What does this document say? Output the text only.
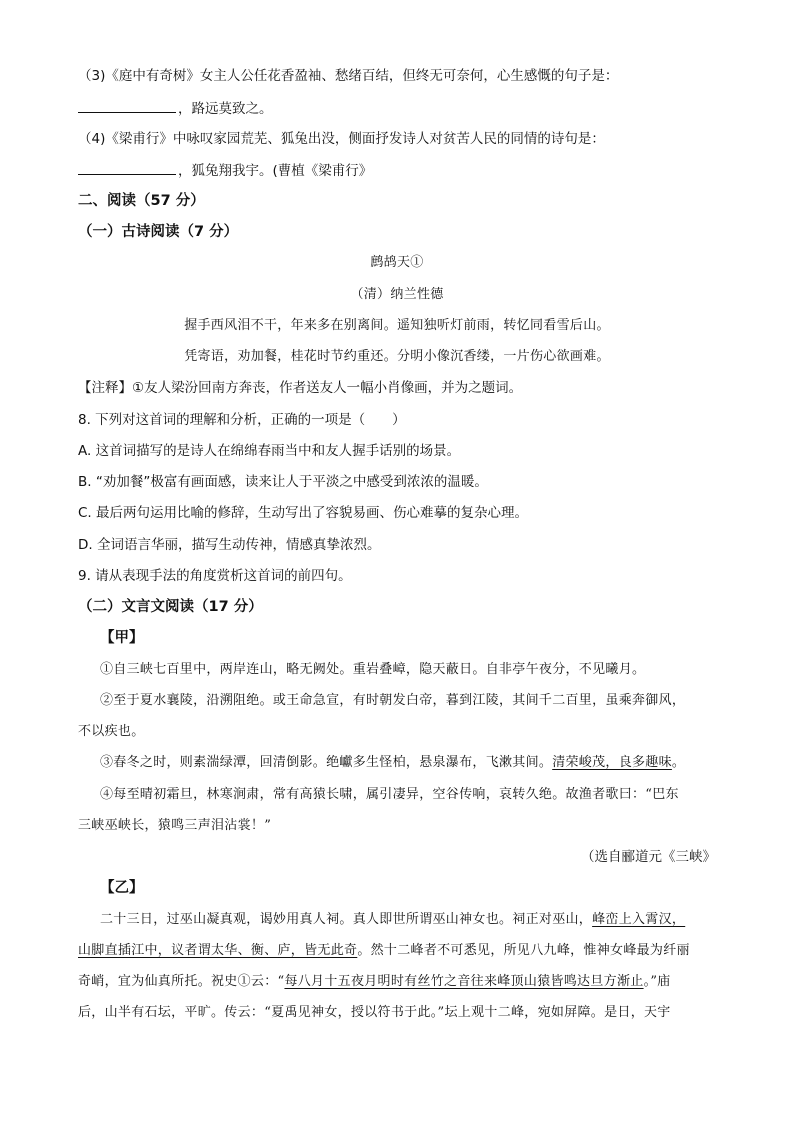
（3)《庭中有奇树》女主人公任花香盈袖、愁绪百结，但终无可奈何，心生感慨的句子是：
，路远莫致之。
（4)《梁甫行》中咏叹家园荒芜、狐兔出没，侧面抒发诗人对贫苦人民的同情的诗句是：
，狐兔翔我宇。(曹植《梁甫行》
二、阅读（57 分）
（一）古诗阅读（7 分）
鹧鸪天①
（清）纳兰性德
握手西风泪不干，年来多在别离间。遥知独听灯前雨，转忆同看雪后山。
凭寄语，劝加餐，桂花时节约重还。分明小像沉香缕，一片伤心欲画难。
【注释】①友人梁汾回南方奔丧，作者送友人一幅小肖像画，并为之题词。
8. 下列对这首词的理解和分析，正确的一项是（　　）
A. 这首词描写的是诗人在绵绵春雨当中和友人握手话别的场景。
B. “劝加餐”极富有画面感，读来让人于平淡之中感受到浓浓的温暖。
C. 最后两句运用比喻的修辞，生动写出了容貌易画、伤心难摹的复杂心理。
D. 全词语言华丽，描写生动传神，情感真挚浓烈。
9. 请从表现手法的角度赏析这首词的前四句。
（二）文言文阅读（17 分）
【甲】
①自三峡七百里中，两岸连山，略无阙处。重岩叠嶂，隐天蔽日。自非亭午夜分，不见曦月。
②至于夏水襄陵，沿溯阻绝。或王命急宣，有时朝发白帝，暮到江陵，其间千二百里，虽乘奔御风，
不以疾也。
③春冬之时，则素湍绿潭，回清倒影。绝巘多生怪柏，悬泉瀑布，飞漱其间。清荣峻茂，良多趣味。
④每至晴初霜旦，林寒涧肃，常有高猿长啸，属引凄异，空谷传响，哀转久绝。故渔者歌曰：“巴东
三峡巫峡长，猿鸣三声泪沾裳！”
（选自郦道元《三峡》
【乙】
二十三日，过巫山凝真观，谒妙用真人祠。真人即世所谓巫山神女也。祠正对巫山，峰峦上入霄汉，
山脚直插江中，议者谓太华、衡、庐，皆无此奇。然十二峰者不可悉见，所见八九峰，惟神女峰最为纤丽
奇峭，宜为仙真所托。祝史①云：“每八月十五夜月明时有丝竹之音往来峰顶山猿皆鸣达旦方渐止。”庙
后，山半有石坛，平旷。传云：“夏禹见神女，授以符书于此。”坛上观十二峰，宛如屏障。是日，天宇
